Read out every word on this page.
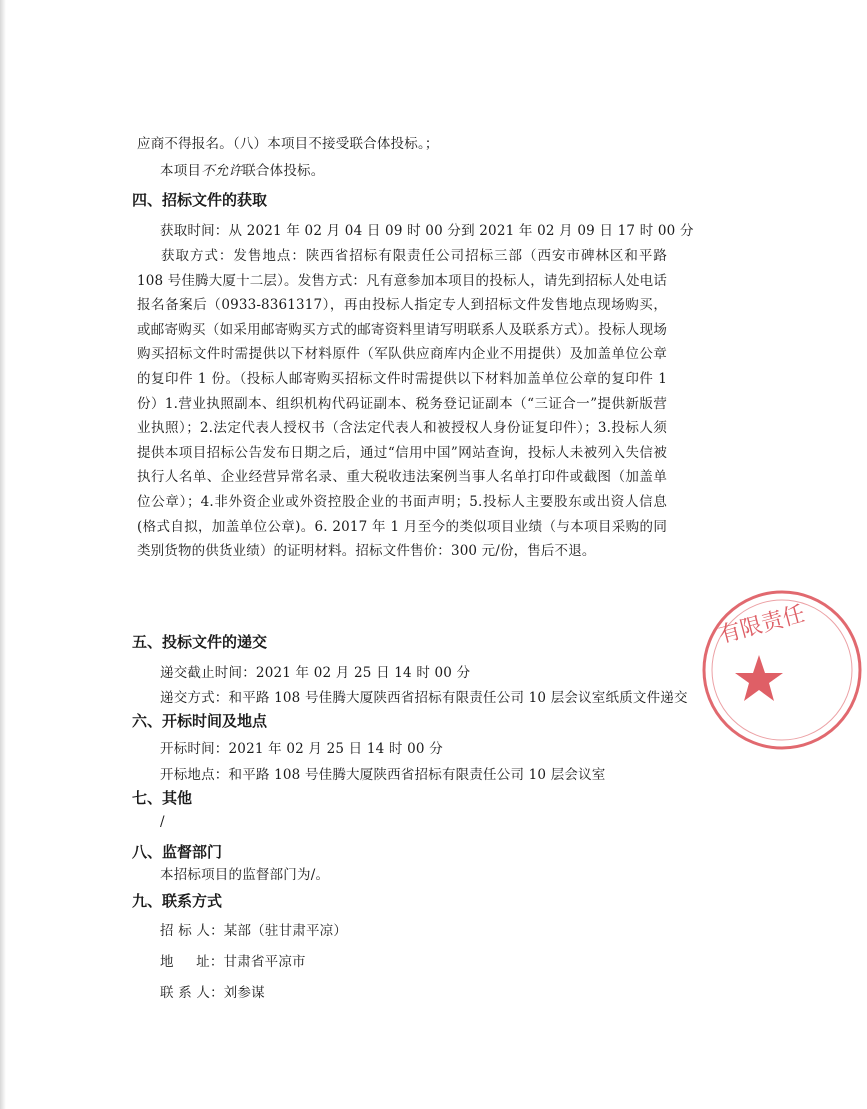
应商不得报名。（八）本项目不接受联合体投标。；
本项目不允许联合体投标。
四、招标文件的获取
获取时间：从 2021 年 02 月 04 日 09 时 00 分到 2021 年 02 月 09 日 17 时 00 分
获取方式：发售地点：陕西省招标有限责任公司招标三部（西安市碑林区和平路 108 号佳腾大厦十二层）。发售方式：凡有意参加本项目的投标人，请先到招标人处电话报名备案后（0933-8361317），再由投标人指定专人到招标文件发售地点现场购买，或邮寄购买（如采用邮寄购买方式的邮寄资料里请写明联系人及联系方式）。投标人现场购买招标文件时需提供以下材料原件（军队供应商库内企业不用提供）及加盖单位公章的复印件 1 份。（投标人邮寄购买招标文件时需提供以下材料加盖单位公章的复印件 1 份）1.营业执照副本、组织机构代码证副本、税务登记证副本（“三证合一”提供新版营业执照）；2.法定代表人授权书（含法定代表人和被授权人身份证复印件）；3.投标人须提供本项目招标公告发布日期之后，通过“信用中国”网站查询，投标人未被列入失信被执行人名单、企业经营异常名录、重大税收违法案例当事人名单打印件或截图（加盖单位公章）；4.非外资企业或外资控股企业的书面声明；5.投标人主要股东或出资人信息(格式自拟，加盖单位公章)。6. 2017 年 1 月至今的类似项目业绩（与本项目采购的同类别货物的供货业绩）的证明材料。招标文件售价：300 元/份，售后不退。
五、投标文件的递交
递交截止时间：2021 年 02 月 25 日 14 时 00 分
递交方式：和平路 108 号佳腾大厦陕西省招标有限责任公司 10 层会议室纸质文件递交
六、开标时间及地点
开标时间：2021 年 02 月 25 日 14 时 00 分
开标地点：和平路 108 号佳腾大厦陕西省招标有限责任公司 10 层会议室
七、其他
/
八、监督部门
本招标项目的监督部门为/。
九、联系方式
招 标 人：某部（驻甘肃平凉）
地     址：甘肃省平凉市
联 系 人：刘参谋
有限责任
